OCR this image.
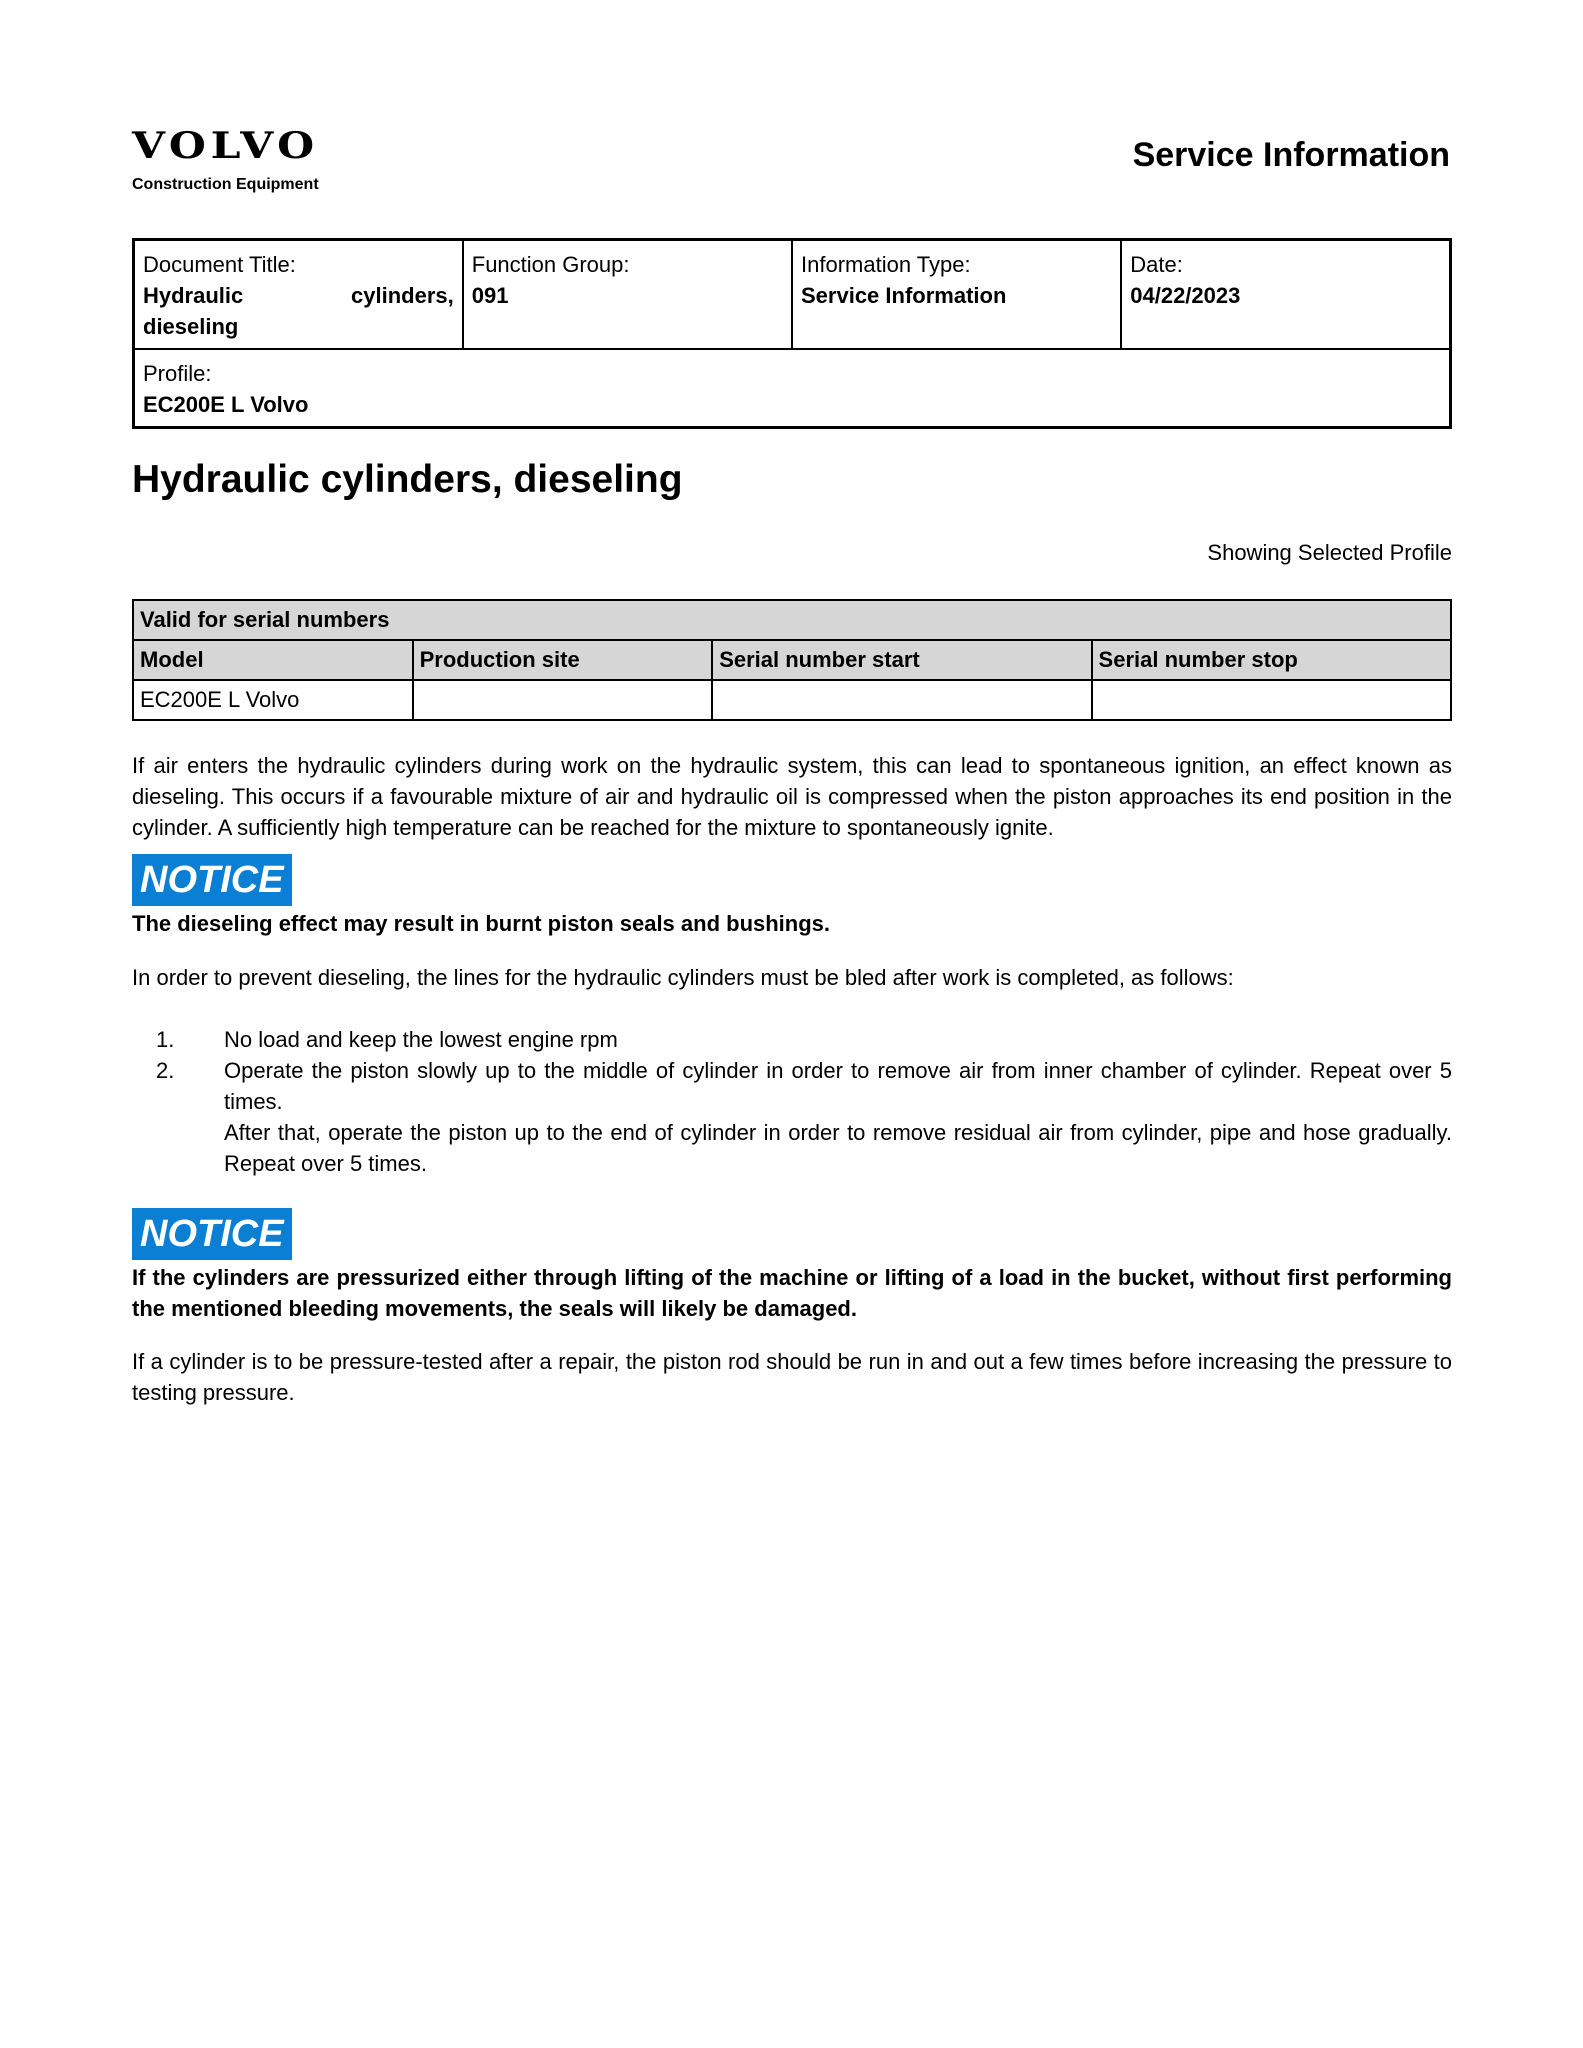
VOLVO
Construction Equipment
Service Information
Document Title:
Hydraulic	cylinders,
dieseling

Function Group:
091

Information Type:
Service Information

Date:
04/22/2023

Profile:
EC200E L Volvo
Hydraulic cylinders, dieseling
Showing Selected Profile
Valid for serial numbers			
Model	Production site	Serial number start	Serial number stop
EC200E L Volvo			
If air enters the hydraulic cylinders during work on the hydraulic system, this can lead to spontaneous ignition, an effect known as dieseling. This occurs if a favourable mixture of air and hydraulic oil is compressed when the piston approaches its end position in the cylinder. A sufficiently high temperature can be reached for the mixture to spontaneously ignite.
NOTICE
The dieseling effect may result in burnt piston seals and bushings.
In order to prevent dieseling, the lines for the hydraulic cylinders must be bled after work is completed, as follows:
1.	No load and keep the lowest engine rpm
2.	Operate the piston slowly up to the middle of cylinder in order to remove air from inner chamber of cylinder. Repeat over 5 times.
After that, operate the piston up to the end of cylinder in order to remove residual air from cylinder, pipe and hose gradually. Repeat over 5 times.
NOTICE
If the cylinders are pressurized either through lifting of the machine or lifting of a load in the bucket, without first performing the mentioned bleeding movements, the seals will likely be damaged.
If a cylinder is to be pressure-tested after a repair, the piston rod should be run in and out a few times before increasing the pressure to testing pressure.
